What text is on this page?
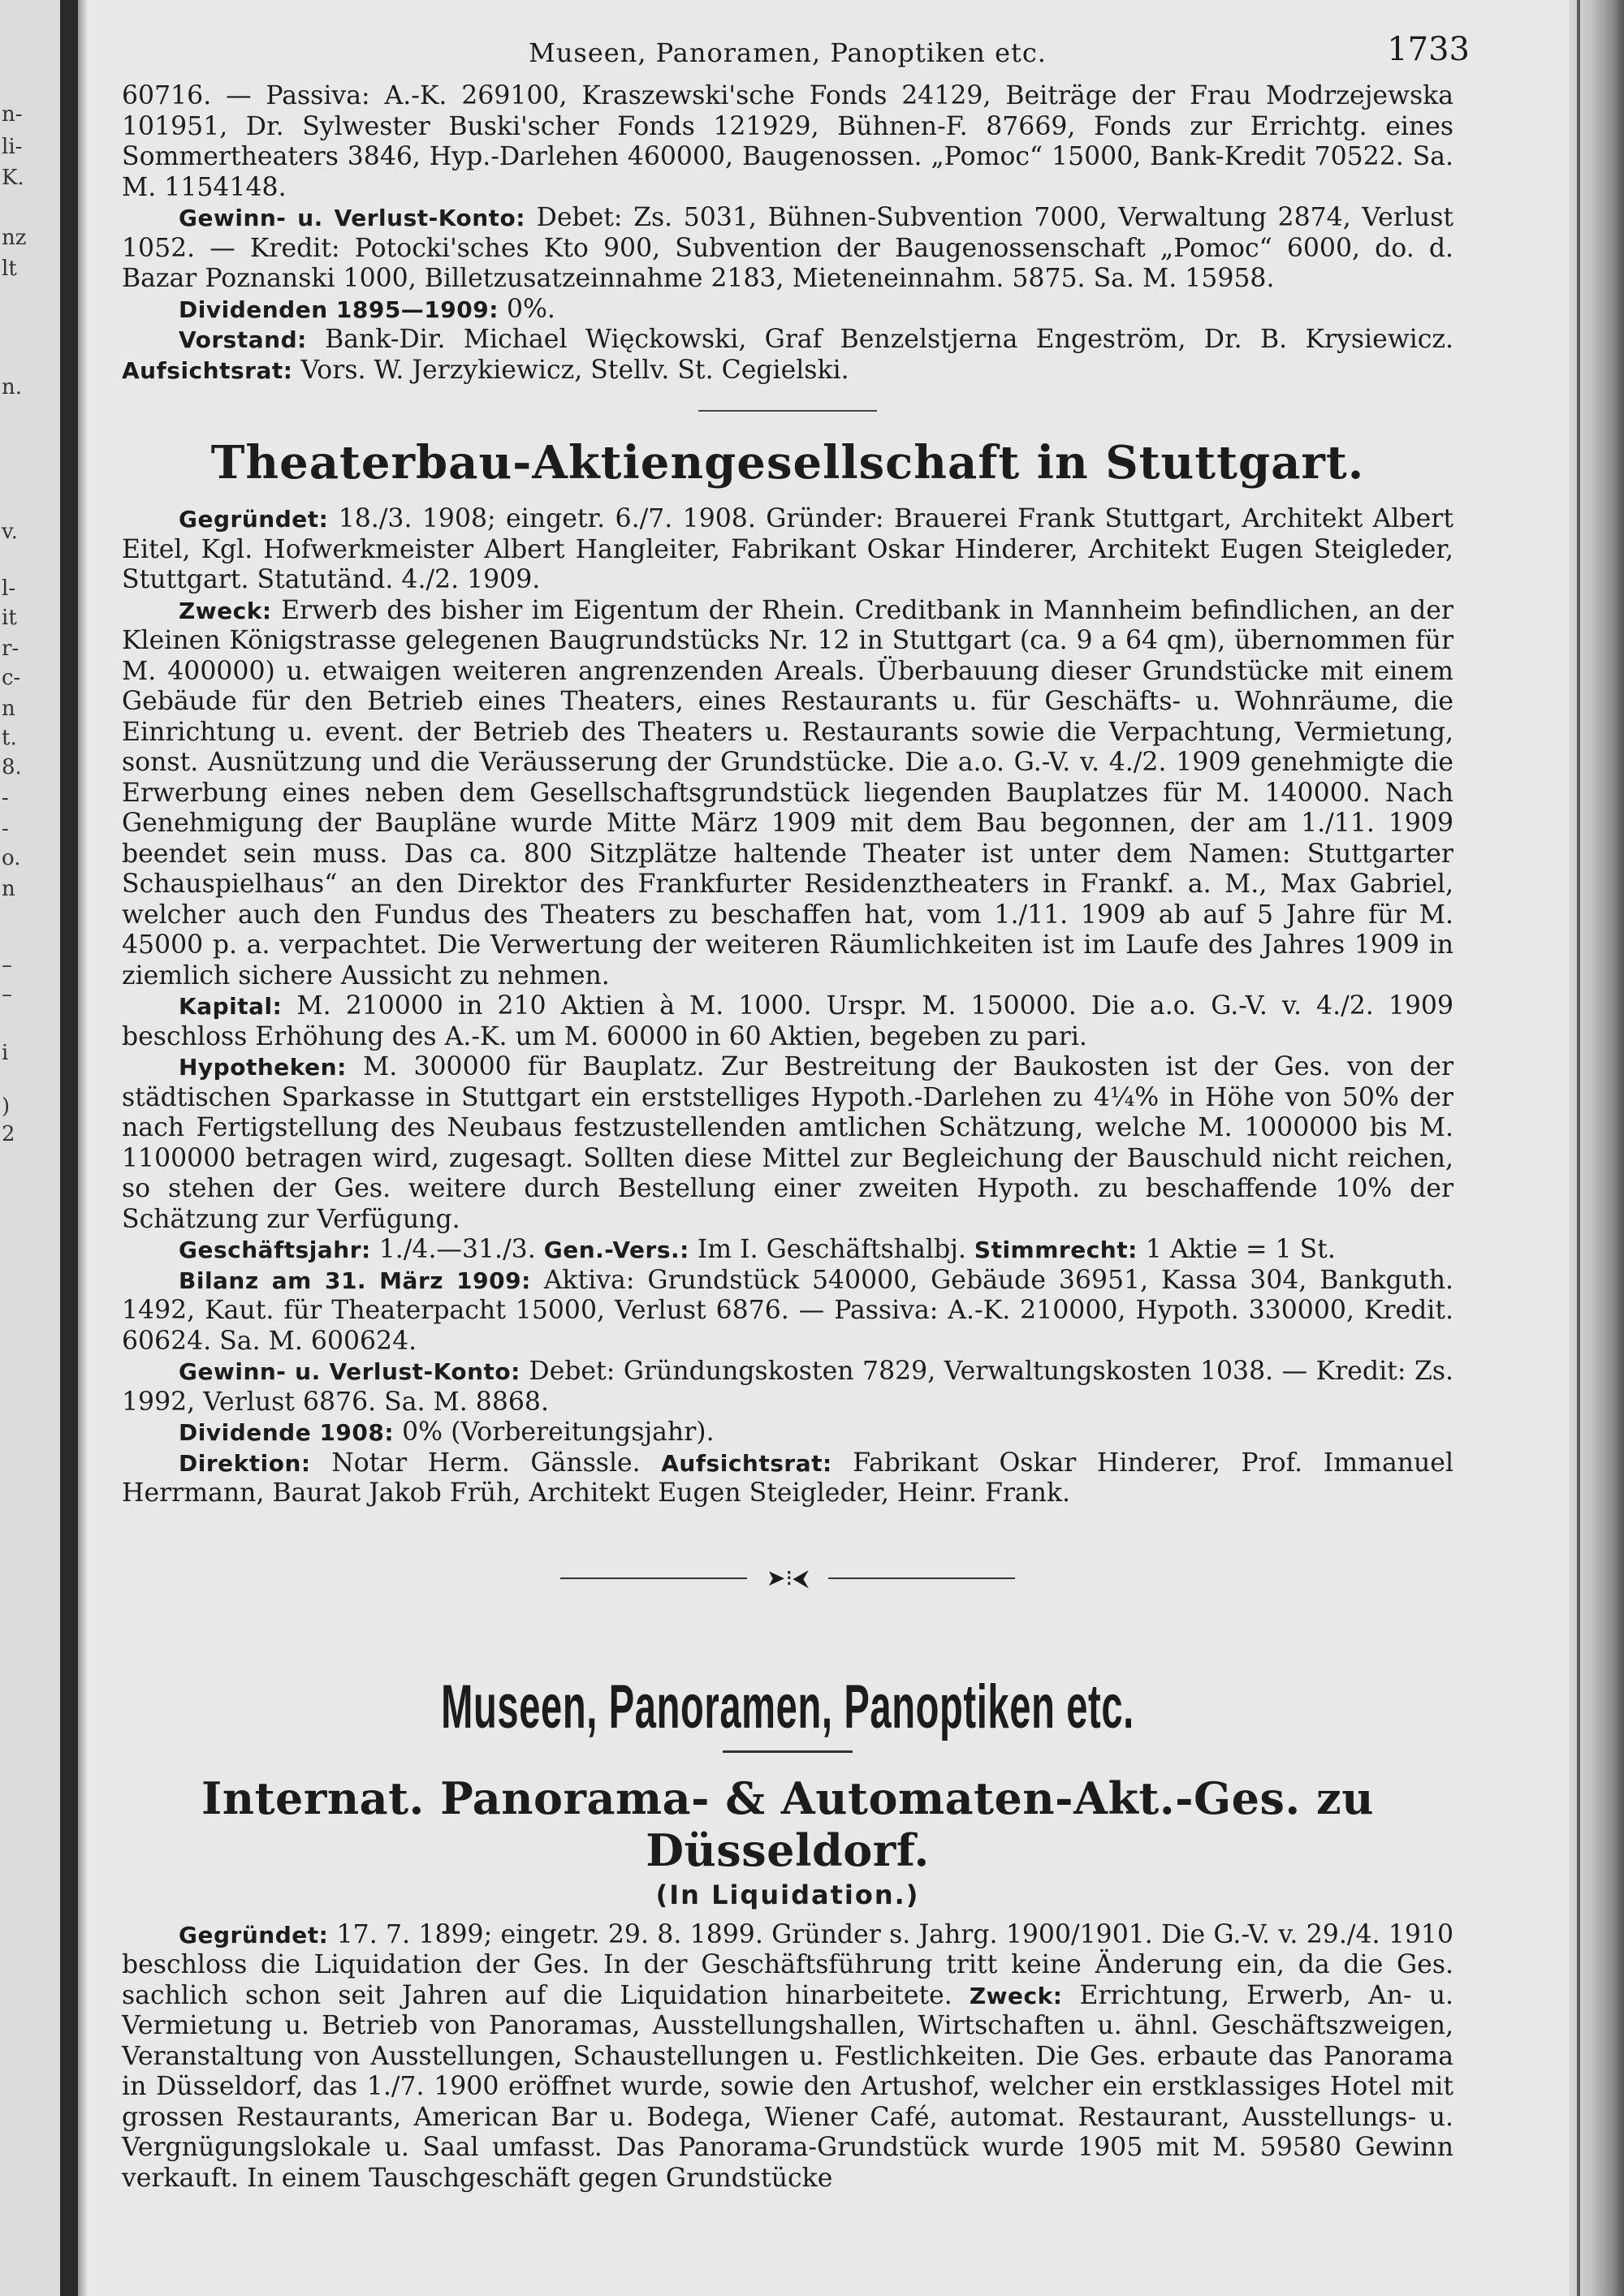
n-
li-
K.
nz
lt
n.
v.
l-
it
r-
c-
n
t.
8.
-
-
o.
n
–
–
i
)
2
Museen, Panoramen, Panoptiken etc.	1733

60716. — Passiva: A.-K. 269100, Kraszewski'sche Fonds 24129, Beiträge der Frau Modrzejewska 101951, Dr. Sylwester Buski'scher Fonds 121929, Bühnen-F. 87669, Fonds zur Errichtg. eines Sommertheaters 3846, Hyp.-Darlehen 460000, Baugenossen. „Pomoc“ 15000, Bank-Kredit 70522. Sa. M. 1154148.

Gewinn- u. Verlust-Konto: Debet: Zs. 5031, Bühnen-Subvention 7000, Verwaltung 2874, Verlust 1052. — Kredit: Potocki'sches Kto 900, Subvention der Baugenossenschaft „Pomoc“ 6000, do. d. Bazar Poznanski 1000, Billetzusatzeinnahme 2183, Mieteneinnahm. 5875. Sa. M. 15958.

Dividenden 1895—1909: 0%.

Vorstand: Bank-Dir. Michael Więckowski, Graf Benzelstjerna Engeström, Dr. B. Krysiewicz. Aufsichtsrat: Vors. W. Jerzykiewicz, Stellv. St. Cegielski.

Theaterbau-Aktiengesellschaft in Stuttgart.

Gegründet: 18./3. 1908; eingetr. 6./7. 1908. Gründer: Brauerei Frank Stuttgart, Architekt Albert Eitel, Kgl. Hofwerkmeister Albert Hangleiter, Fabrikant Oskar Hinderer, Architekt Eugen Steigleder, Stuttgart. Statutänd. 4./2. 1909.

Zweck: Erwerb des bisher im Eigentum der Rhein. Creditbank in Mannheim befindlichen, an der Kleinen Königstrasse gelegenen Baugrundstücks Nr. 12 in Stuttgart (ca. 9 a 64 qm), übernommen für M. 400000) u. etwaigen weiteren angrenzenden Areals. Überbauung dieser Grundstücke mit einem Gebäude für den Betrieb eines Theaters, eines Restaurants u. für Geschäfts- u. Wohnräume, die Einrichtung u. event. der Betrieb des Theaters u. Restaurants sowie die Verpachtung, Vermietung, sonst. Ausnützung und die Veräusserung der Grundstücke. Die a.o. G.-V. v. 4./2. 1909 genehmigte die Erwerbung eines neben dem Gesellschaftsgrundstück liegenden Bauplatzes für M. 140000. Nach Genehmigung der Baupläne wurde Mitte März 1909 mit dem Bau begonnen, der am 1./11. 1909 beendet sein muss. Das ca. 800 Sitzplätze haltende Theater ist unter dem Namen: Stuttgarter Schauspielhaus“ an den Direktor des Frankfurter Residenztheaters in Frankf. a. M., Max Gabriel, welcher auch den Fundus des Theaters zu beschaffen hat, vom 1./11. 1909 ab auf 5 Jahre für M. 45000 p. a. verpachtet. Die Verwertung der weiteren Räumlichkeiten ist im Laufe des Jahres 1909 in ziemlich sichere Aussicht zu nehmen.

Kapital: M. 210000 in 210 Aktien à M. 1000. Urspr. M. 150000. Die a.o. G.-V. v. 4./2. 1909 beschloss Erhöhung des A.-K. um M. 60000 in 60 Aktien, begeben zu pari.

Hypotheken: M. 300000 für Bauplatz. Zur Bestreitung der Baukosten ist der Ges. von der städtischen Sparkasse in Stuttgart ein erststelliges Hypoth.-Darlehen zu 4¼% in Höhe von 50% der nach Fertigstellung des Neubaus festzustellenden amtlichen Schätzung, welche M. 1000000 bis M. 1100000 betragen wird, zugesagt. Sollten diese Mittel zur Begleichung der Bauschuld nicht reichen, so stehen der Ges. weitere durch Bestellung einer zweiten Hypoth. zu beschaffende 10% der Schätzung zur Verfügung.

Geschäftsjahr: 1./4.—31./3. Gen.-Vers.: Im I. Geschäftshalbj. Stimmrecht: 1 Aktie = 1 St.

Bilanz am 31. März 1909: Aktiva: Grundstück 540000, Gebäude 36951, Kassa 304, Bankguth. 1492, Kaut. für Theaterpacht 15000, Verlust 6876. — Passiva: A.-K. 210000, Hypoth. 330000, Kredit. 60624. Sa. M. 600624.

Gewinn- u. Verlust-Konto: Debet: Gründungskosten 7829, Verwaltungskosten 1038. — Kredit: Zs. 1992, Verlust 6876. Sa. M. 8868.

Dividende 1908: 0% (Vorbereitungsjahr).

Direktion: Notar Herm. Gänssle. Aufsichtsrat: Fabrikant Oskar Hinderer, Prof. Immanuel Herrmann, Baurat Jakob Früh, Architekt Eugen Steigleder, Heinr. Frank.

➤⁝⮜
Museen, Panoramen, Panoptiken etc.
Internat. Panorama- & Automaten-Akt.-Ges. zu Düsseldorf.
(In Liquidation.)

Gegründet: 17. 7. 1899; eingetr. 29. 8. 1899. Gründer s. Jahrg. 1900/1901. Die G.-V. v. 29./4. 1910 beschloss die Liquidation der Ges. In der Geschäftsführung tritt keine Änderung ein, da die Ges. sachlich schon seit Jahren auf die Liquidation hinarbeitete. Zweck: Errichtung, Erwerb, An- u. Vermietung u. Betrieb von Panoramas, Ausstellungshallen, Wirtschaften u. ähnl. Geschäftszweigen, Veranstaltung von Ausstellungen, Schaustellungen u. Festlichkeiten. Die Ges. erbaute das Panorama in Düsseldorf, das 1./7. 1900 eröffnet wurde, sowie den Artushof, welcher ein erstklassiges Hotel mit grossen Restaurants, American Bar u. Bodega, Wiener Café, automat. Restaurant, Ausstellungs- u. Vergnügungslokale u. Saal umfasst. Das Panorama-Grundstück wurde 1905 mit M. 59580 Gewinn verkauft. In einem Tauschgeschäft gegen Grundstücke
